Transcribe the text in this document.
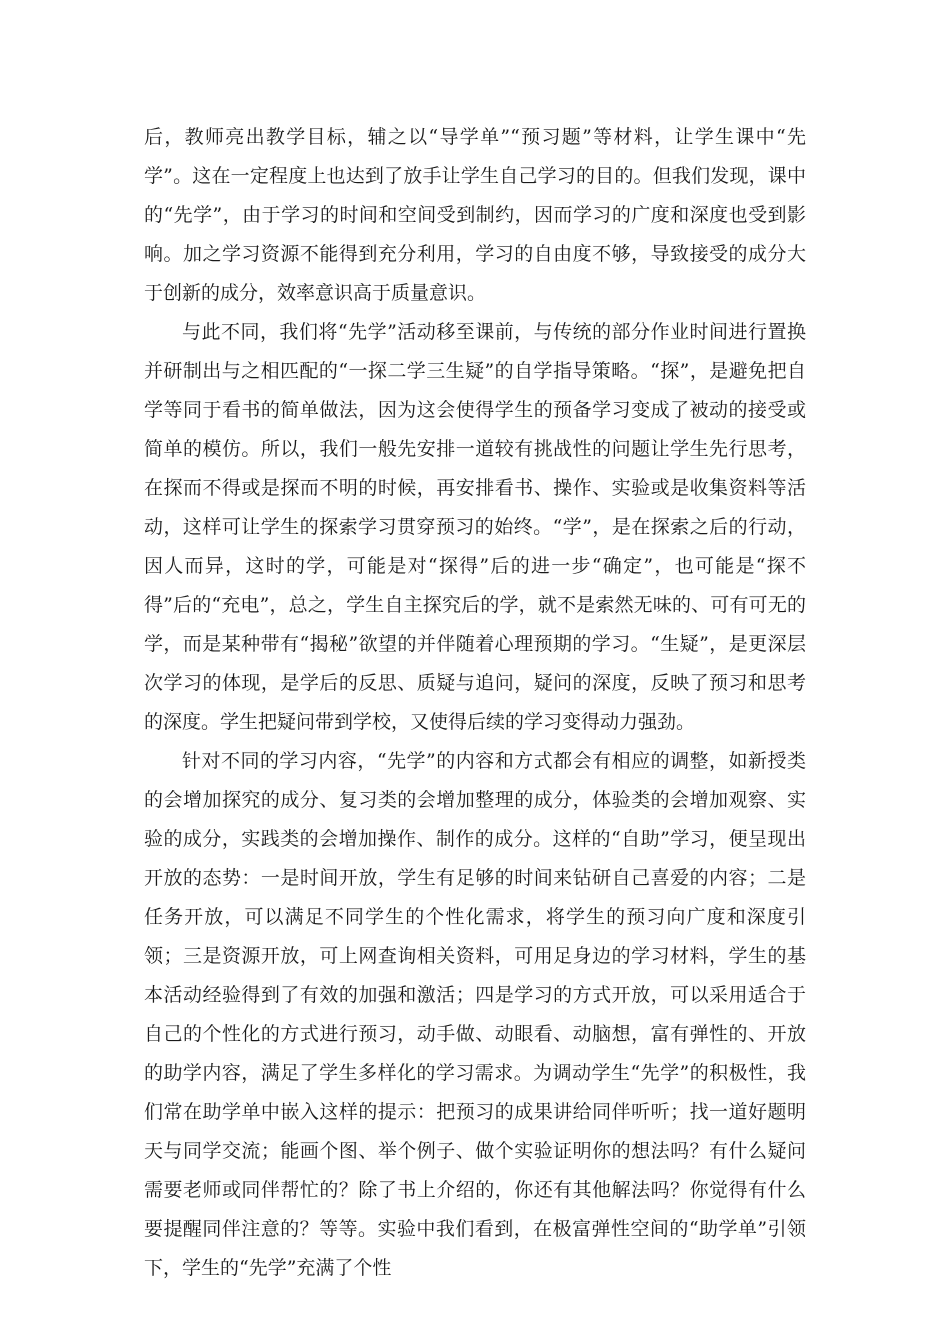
后，教师亮出教学目标，辅之以“导学单”“预习题”等材料，让学生课中“先学”。这在一定程度上也达到了放手让学生自己学习的目的。但我们发现，课中的“先学”，由于学习的时间和空间受到制约，因而学习的广度和深度也受到影响。加之学习资源不能得到充分利用，学习的自由度不够，导致接受的成分大于创新的成分，效率意识高于质量意识。

与此不同，我们将“先学”活动移至课前，与传统的部分作业时间进行置换并研制出与之相匹配的“一探二学三生疑”的自学指导策略。“探”，是避免把自学等同于看书的简单做法，因为这会使得学生的预备学习变成了被动的接受或简单的模仿。所以，我们一般先安排一道较有挑战性的问题让学生先行思考，在探而不得或是探而不明的时候，再安排看书、操作、实验或是收集资料等活动，这样可让学生的探索学习贯穿预习的始终。“学”，是在探索之后的行动，因人而异，这时的学，可能是对“探得”后的进一步“确定”，也可能是“探不得”后的“充电”，总之，学生自主探究后的学，就不是索然无味的、可有可无的学，而是某种带有“揭秘”欲望的并伴随着心理预期的学习。“生疑”，是更深层次学习的体现，是学后的反思、质疑与追问，疑问的深度，反映了预习和思考的深度。学生把疑问带到学校，又使得后续的学习变得动力强劲。

针对不同的学习内容，“先学”的内容和方式都会有相应的调整，如新授类的会增加探究的成分、复习类的会增加整理的成分，体验类的会增加观察、实验的成分，实践类的会增加操作、制作的成分。这样的“自助”学习，便呈现出开放的态势：一是时间开放，学生有足够的时间来钻研自己喜爱的内容；二是任务开放，可以满足不同学生的个性化需求，将学生的预习向广度和深度引领；三是资源开放，可上网查询相关资料，可用足身边的学习材料，学生的基本活动经验得到了有效的加强和激活；四是学习的方式开放，可以采用适合于自己的个性化的方式进行预习，动手做、动眼看、动脑想，富有弹性的、开放的助学内容，满足了学生多样化的学习需求。为调动学生“先学”的积极性，我们常在助学单中嵌入这样的提示：把预习的成果讲给同伴听听；找一道好题明天与同学交流；能画个图、举个例子、做个实验证明你的想法吗？有什么疑问需要老师或同伴帮忙的？除了书上介绍的，你还有其他解法吗？你觉得有什么要提醒同伴注意的？等等。实验中我们看到，在极富弹性空间的“助学单”引领下，学生的“先学”充满了个性
